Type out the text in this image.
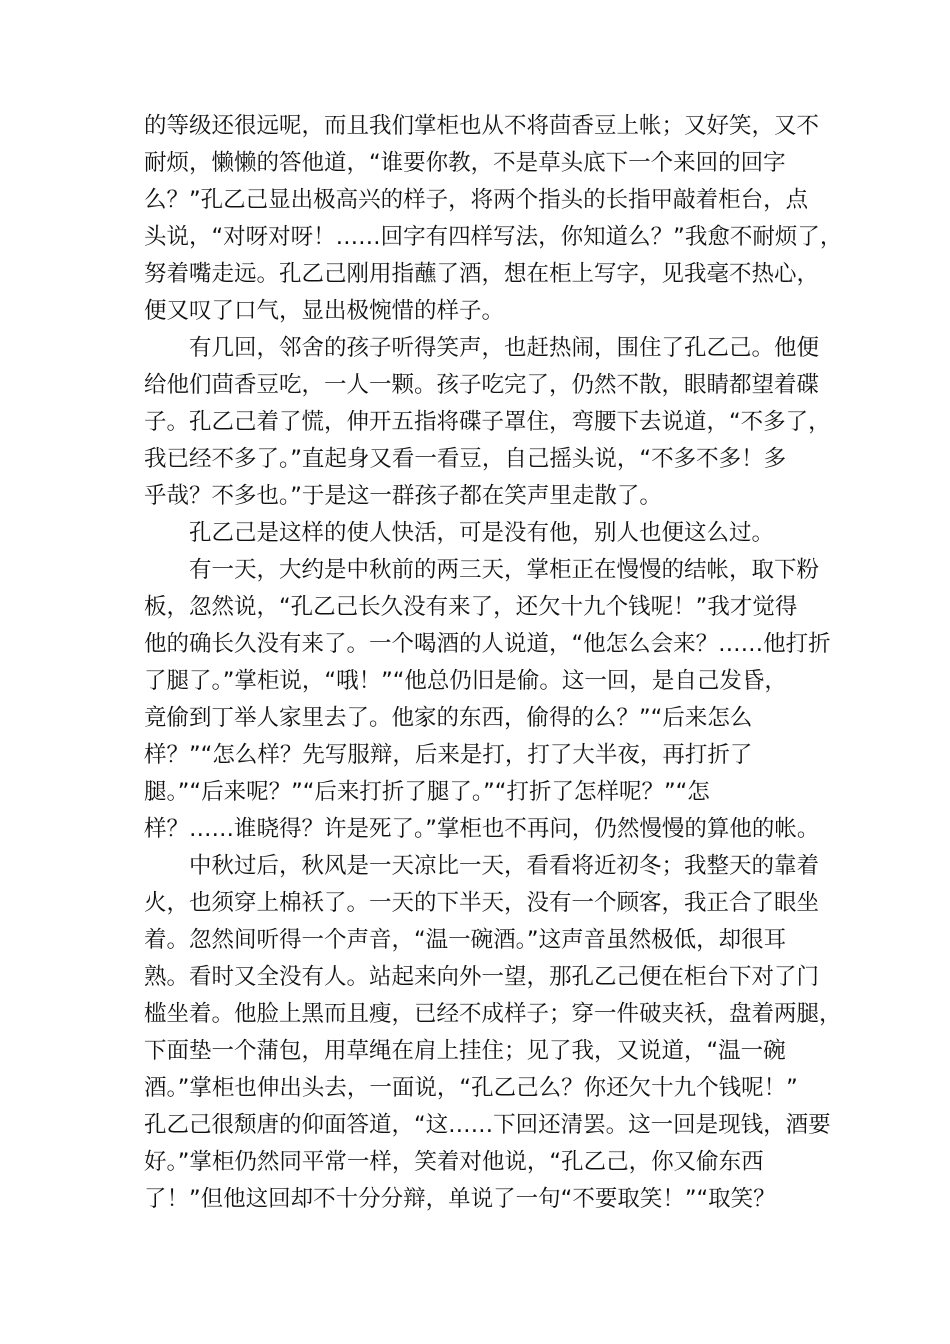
的等级还很远呢，而且我们掌柜也从不将茴香豆上帐；又好笑，又不
耐烦，懒懒的答他道，“谁要你教，不是草头底下一个来回的回字
么？”孔乙己显出极高兴的样子，将两个指头的长指甲敲着柜台，点
头说，“对呀对呀！……回字有四样写法，你知道么？”我愈不耐烦了，
努着嘴走远。孔乙己刚用指蘸了酒，想在柜上写字，见我毫不热心，
便又叹了口气，显出极惋惜的样子。
　　有几回，邻舍的孩子听得笑声，也赶热闹，围住了孔乙己。他便
给他们茴香豆吃，一人一颗。孩子吃完了，仍然不散，眼睛都望着碟
子。孔乙己着了慌，伸开五指将碟子罩住，弯腰下去说道，“不多了，
我已经不多了。”直起身又看一看豆，自己摇头说，“不多不多！多
乎哉？不多也。”于是这一群孩子都在笑声里走散了。
　　孔乙己是这样的使人快活，可是没有他，别人也便这么过。
　　有一天，大约是中秋前的两三天，掌柜正在慢慢的结帐，取下粉
板，忽然说，“孔乙己长久没有来了，还欠十九个钱呢！”我才觉得
他的确长久没有来了。一个喝酒的人说道，“他怎么会来？……他打折
了腿了。”掌柜说，“哦！”“他总仍旧是偷。这一回，是自己发昏，
竟偷到丁举人家里去了。他家的东西，偷得的么？”“后来怎么
样？”“怎么样？先写服辩，后来是打，打了大半夜，再打折了
腿。”“后来呢？”“后来打折了腿了。”“打折了怎样呢？”“怎
样？……谁晓得？许是死了。”掌柜也不再问，仍然慢慢的算他的帐。
　　中秋过后，秋风是一天凉比一天，看看将近初冬；我整天的靠着
火，也须穿上棉袄了。一天的下半天，没有一个顾客，我正合了眼坐
着。忽然间听得一个声音，“温一碗酒。”这声音虽然极低，却很耳
熟。看时又全没有人。站起来向外一望，那孔乙己便在柜台下对了门
槛坐着。他脸上黑而且瘦，已经不成样子；穿一件破夹袄，盘着两腿，
下面垫一个蒲包，用草绳在肩上挂住；见了我，又说道，“温一碗
酒。”掌柜也伸出头去，一面说，“孔乙己么？你还欠十九个钱呢！”
孔乙己很颓唐的仰面答道，“这……下回还清罢。这一回是现钱，酒要
好。”掌柜仍然同平常一样，笑着对他说，“孔乙己，你又偷东西
了！”但他这回却不十分分辩，单说了一句“不要取笑！”“取笑？
